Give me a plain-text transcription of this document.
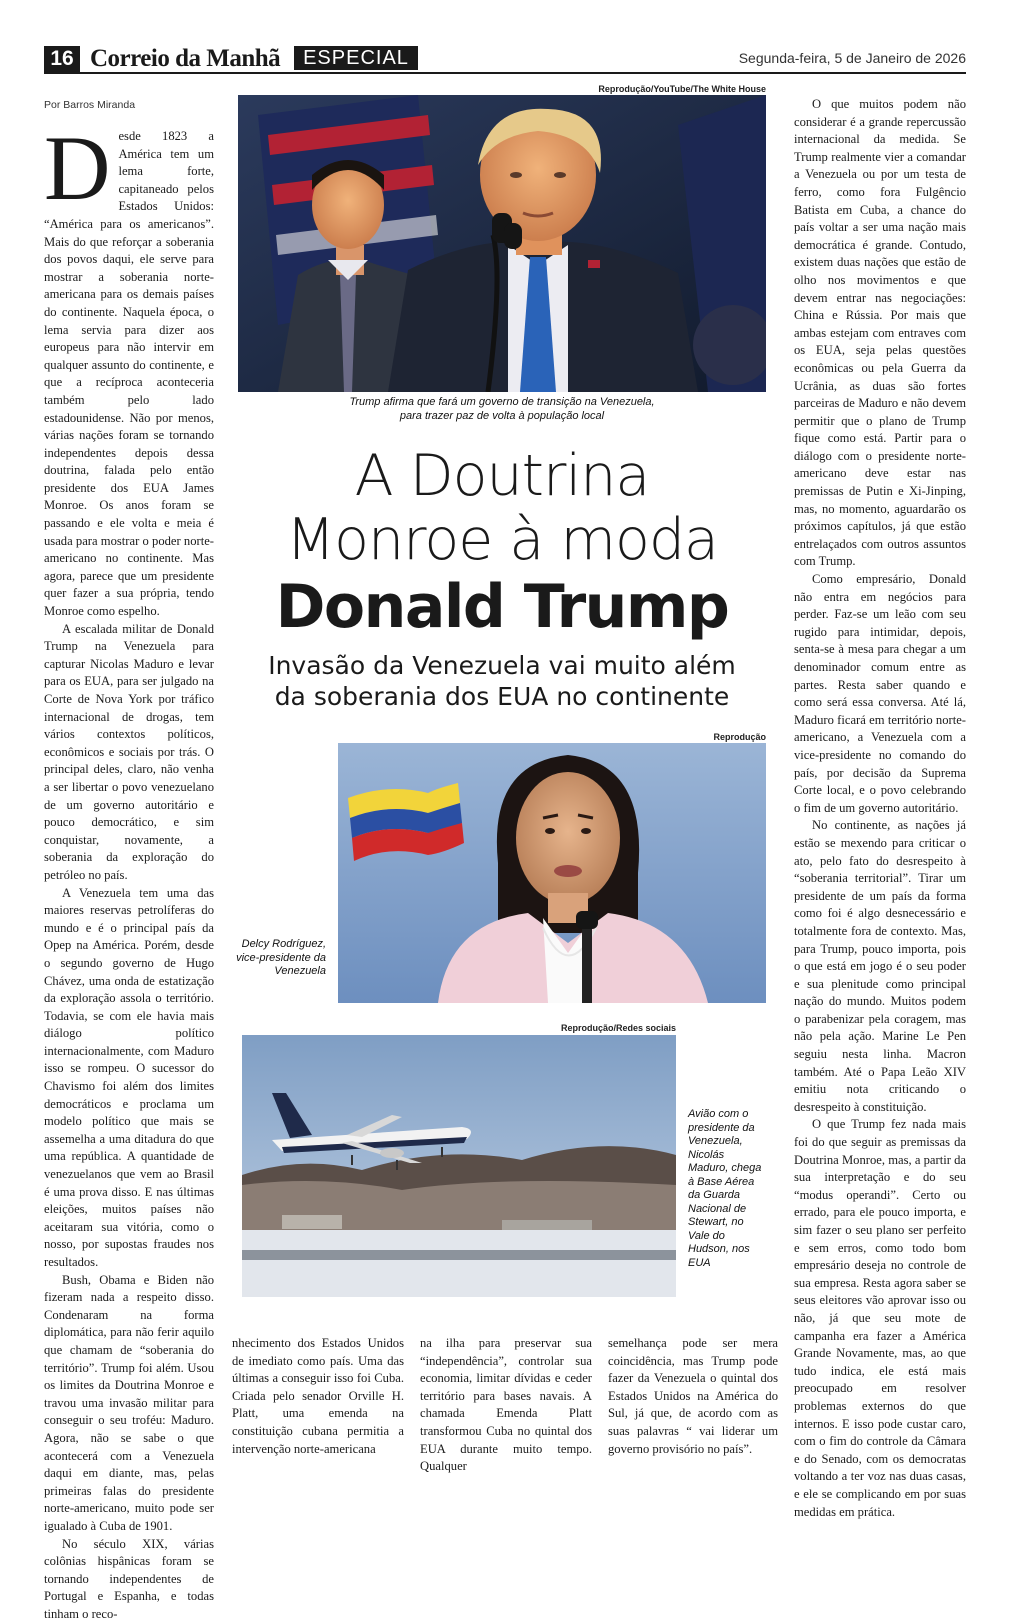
16 Correio da Manhã	ESPECIAL	Segunda-feira, 5 de Janeiro de 2026
Por Barros Miranda
D esde 1823 a América tem um lema forte, capitaneado pelos Estados Unidos: “América para os americanos”. Mais do que reforçar a soberania dos povos daqui, ele serve para mostrar a soberania norte-americana para os demais países do continente. Naquela época, o lema servia para dizer aos europeus para não intervir em qualquer assunto do continente, e que a recíproca aconteceria também pelo lado estadounidense. Não por menos, várias nações foram se tornando independentes depois dessa doutrina, falada pelo então presidente dos EUA James Monroe. Os anos foram se passando e ele volta e meia é usada para mostrar o poder norte-americano no continente. Mas agora, parece que um presidente quer fazer a sua própria, tendo Monroe como espelho.

A escalada militar de Donald Trump na Venezuela para capturar Nicolas Maduro e levar para os EUA, para ser julgado na Corte de Nova York por tráfico internacional de drogas, tem vários contextos políticos, econômicos e sociais por trás. O principal deles, claro, não venha a ser libertar o povo venezuelano de um governo autoritário e pouco democrático, e sim conquistar, novamente, a soberania da exploração do petróleo no país.

A Venezuela tem uma das maiores reservas petrolíferas do mundo e é o principal país da Opep na América. Porém, desde o segundo governo de Hugo Chávez, uma onda de estatização da exploração assola o território. Todavia, se com ele havia mais diálogo político internacionalmente, com Maduro isso se rompeu. O sucessor do Chavismo foi além dos limites democráticos e proclama um modelo político que mais se assemelha a uma ditadura do que uma república. A quantidade de venezuelanos que vem ao Brasil é uma prova disso. E nas últimas eleições, muitos países não aceitaram sua vitória, como o nosso, por supostas fraudes nos resultados.

Bush, Obama e Biden não fizeram nada a respeito disso. Condenaram na forma diplomática, para não ferir aquilo que chamam de “soberania do território”. Trump foi além. Usou os limites da Doutrina Monroe e travou uma invasão militar para conseguir o seu troféu: Maduro. Agora, não se sabe o que acontecerá com a Venezuela daqui em diante, mas, pelas primeiras falas do presidente norte-americano, muito pode ser igualado à Cuba de 1901.

No século XIX, várias colônias hispânicas foram se tornando independentes de Portugal e Espanha, e todas tinham o reco-

Reprodução/YouTube/The White House
Trump afirma que fará um governo de transição na Venezuela,
para trazer paz de volta à população local
A Doutrina
Monroe à moda
Donald Trump
Invasão da Venezuela vai muito além
da soberania dos EUA no continente
Reprodução
Delcy Rodríguez, vice-presidente da Venezuela
Reprodução/Redes sociais
Avião com o presidente da Venezuela, Nicolás Maduro, chega à Base Aérea da Guarda Nacional de Stewart, no Vale do Hudson, nos EUA

nhecimento dos Estados Unidos de imediato como país. Uma das últimas a conseguir isso foi Cuba. Criada pelo senador Orville H. Platt, uma emenda na constituição cubana permitia a intervenção norte-americana

na ilha para preservar sua “independência”, controlar sua economia, limitar dívidas e ceder território para bases navais. A chamada Emenda Platt transformou Cuba no quintal dos EUA durante muito tempo. Qualquer

semelhança pode ser mera coincidência, mas Trump pode fazer da Venezuela o quintal dos Estados Unidos na América do Sul, já que, de acordo com as suas palavras “ vai liderar um governo provisório no país”.

O que muitos podem não considerar é a grande repercussão internacional da medida. Se Trump realmente vier a comandar a Venezuela ou por um testa de ferro, como fora Fulgêncio Batista em Cuba, a chance do país voltar a ser uma nação mais democrática é grande. Contudo, existem duas nações que estão de olho nos movimentos e que devem entrar nas negociações: China e Rússia. Por mais que ambas estejam com entraves com os EUA, seja pelas questões econômicas ou pela Guerra da Ucrânia, as duas são fortes parceiras de Maduro e não devem permitir que o plano de Trump fique como está. Partir para o diálogo com o presidente norte-americano deve estar nas premissas de Putin e Xi-Jinping, mas, no momento, aguardarão os próximos capítulos, já que estão entrelaçados com outros assuntos com Trump.

Como empresário, Donald não entra em negócios para perder. Faz-se um leão com seu rugido para intimidar, depois, senta-se à mesa para chegar a um denominador comum entre as partes. Resta saber quando e como será essa conversa. Até lá, Maduro ficará em território norte-americano, a Venezuela com a vice-presidente no comando do país, por decisão da Suprema Corte local, e o povo celebrando o fim de um governo autoritário.

No continente, as nações já estão se mexendo para criticar o ato, pelo fato do desrespeito à “soberania territorial”. Tirar um presidente de um país da forma como foi é algo desnecessário e totalmente fora de contexto. Mas, para Trump, pouco importa, pois o que está em jogo é o seu poder e sua plenitude como principal nação do mundo. Muitos podem o parabenizar pela coragem, mas não pela ação. Marine Le Pen seguiu nesta linha. Macron também. Até o Papa Leão XIV emitiu nota criticando o desrespeito à constituição.

O que Trump fez nada mais foi do que seguir as premissas da Doutrina Monroe, mas, a partir da sua interpretação e do seu “modus operandi”. Certo ou errado, para ele pouco importa, e sim fazer o seu plano ser perfeito e sem erros, como todo bom empresário deseja no controle de sua empresa. Resta agora saber se seus eleitores vão aprovar isso ou não, já que seu mote de campanha era fazer a América Grande Novamente, mas, ao que tudo indica, ele está mais preocupado em resolver problemas externos do que internos. E isso pode custar caro, com o fim do controle da Câmara e do Senado, com os democratas voltando a ter voz nas duas casas, e ele se complicando em por suas medidas em prática.
